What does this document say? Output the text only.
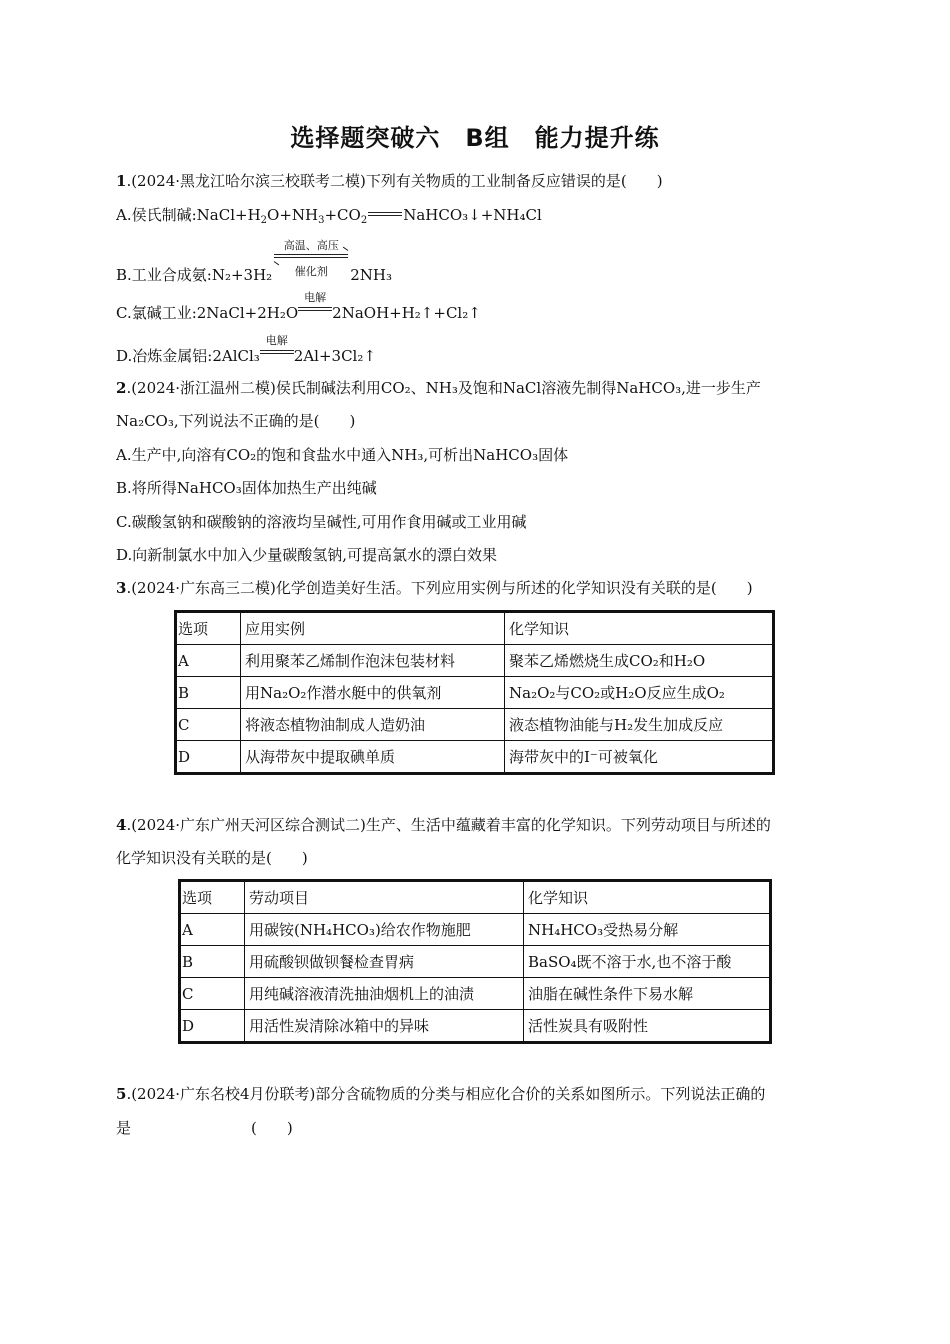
选择题突破六　B组　能力提升练
1.(2024·黑龙江哈尔滨三校联考二模)下列有关物质的工业制备反应错误的是(　　)
A.侯氏制碱$:NaCl+H_2O+NH_3+CO_2$ NaHCO₃↓+NH₄Cl
B.工业合成氨:N₂+3H₂
高温、高压
催化剂	2NH₃
C.氯碱工业:2NaCl+2H₂O
电解
2NaOH+H₂↑+Cl₂↑
D.冶炼金属铝:2AlCl₃
电解
2Al+3Cl₂↑
2.(2024·浙江温州二模)侯氏制碱法利用CO₂、NH₃及饱和NaCl溶液先制得NaHCO₃,进一步生产
Na₂CO₃,下列说法不正确的是(　　)
A.生产中,向溶有CO₂的饱和食盐水中通入NH₃,可析出NaHCO₃固体
B.将所得NaHCO₃固体加热生产出纯碱
C.碳酸氢钠和碳酸钠的溶液均呈碱性,可用作食用碱或工业用碱
D.向新制氯水中加入少量碳酸氢钠,可提高氯水的漂白效果
3.(2024·广东高三二模)化学创造美好生活。下列应用实例与所述的化学知识没有关联的是(　　)
选项	应用实例	化学知识
A	利用聚苯乙烯制作泡沫包装材料	聚苯乙烯燃烧生成CO₂和H₂O
B	用Na₂O₂作潜水艇中的供氧剂	Na₂O₂与CO₂或H₂O反应生成O₂
C	将液态植物油制成人造奶油	液态植物油能与H₂发生加成反应
D	从海带灰中提取碘单质	海带灰中的I⁻可被氧化
4.(2024·广东广州天河区综合测试二)生产、生活中蕴藏着丰富的化学知识。下列劳动项目与所述的
化学知识没有关联的是(　　)
选项	劳动项目	化学知识
A	用碳铵(NH₄HCO₃)给农作物施肥	NH₄HCO₃受热易分解
B	用硫酸钡做钡餐检查胃病	BaSO₄既不溶于水,也不溶于酸
C	用纯碱溶液清洗抽油烟机上的油渍	油脂在碱性条件下易水解
D	用活性炭清除冰箱中的异味	活性炭具有吸附性
5.(2024·广东名校4月份联考)部分含硫物质的分类与相应化合价的关系如图所示。下列说法正确的
是　　　　　　　　(　　)
